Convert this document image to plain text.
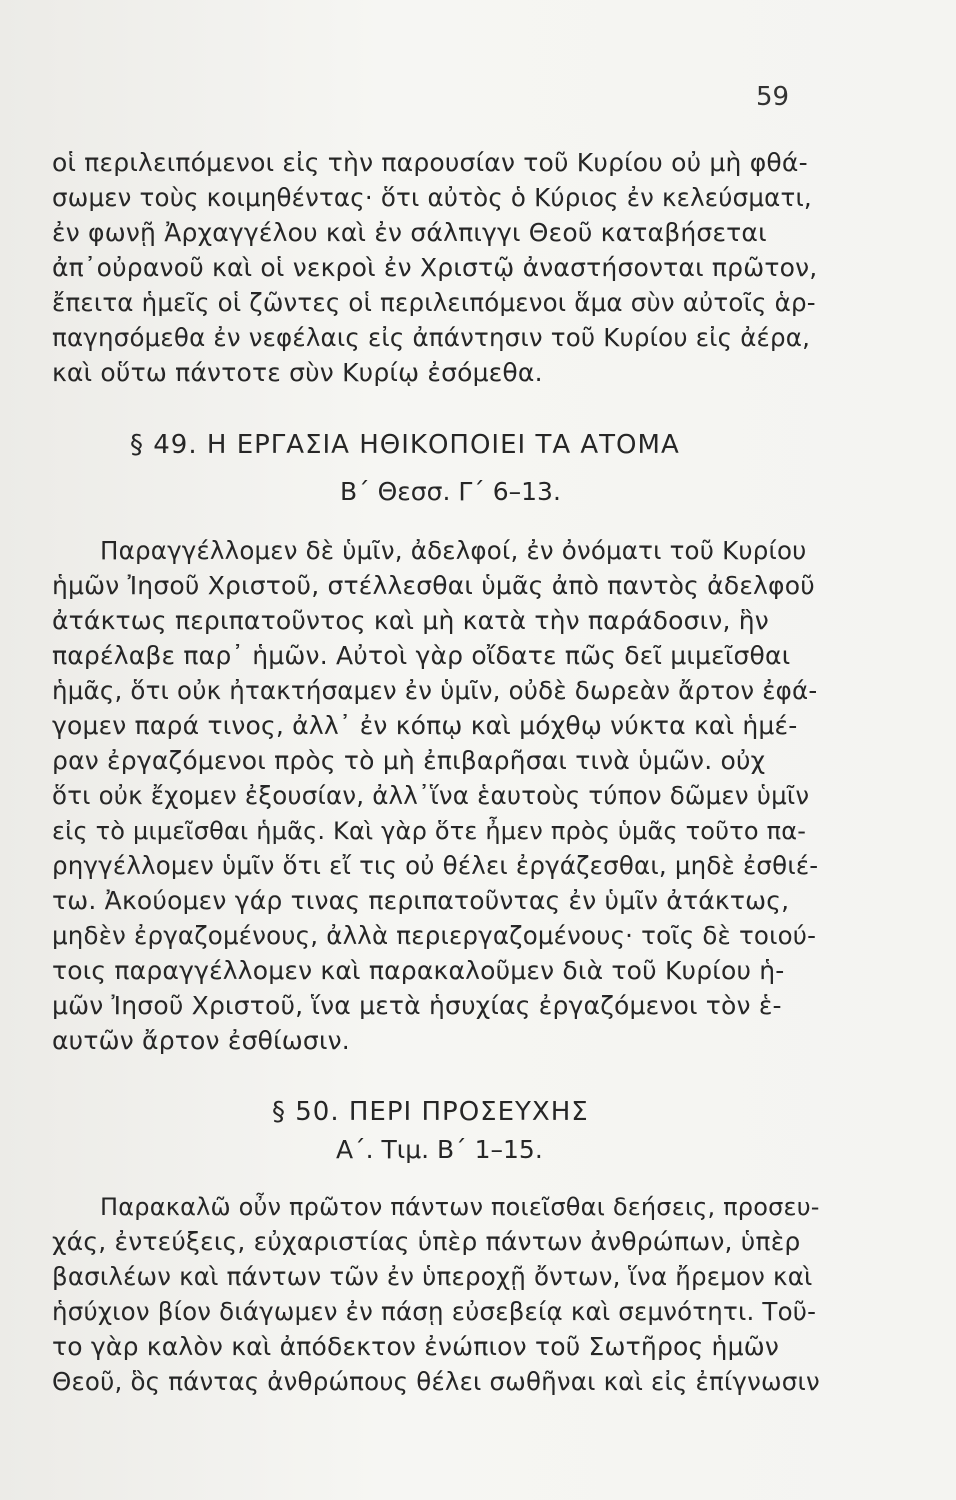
59
οἱ περιλειπόμενοι εἰς τὴν παρουσίαν τοῦ Κυρίου οὐ μὴ φθά-
σωμεν τοὺς κοιμηθέντας· ὅτι αὐτὸς ὁ Κύριος ἐν κελεύσματι,
ἐν φωνῇ Ἀρχαγγέλου καὶ ἐν σάλπιγγι Θεοῦ καταβήσεται
ἀπ᾿οὐρανοῦ καὶ οἱ νεκροὶ ἐν Χριστῷ ἀναστήσονται πρῶτον,
ἔπειτα ἡμεῖς οἱ ζῶντες οἱ περιλειπόμενοι ἅμα σὺν αὐτοῖς ἁρ-
παγησόμεθα ἐν νεφέλαις εἰς ἀπάντησιν τοῦ Κυρίου εἰς ἀέρα,
καὶ οὕτω πάντοτε σὺν Κυρίῳ ἐσόμεθα.
§ 49. Η ΕΡΓΑΣΙΑ ΗΘΙΚΟΠΟΙΕΙ ΤΑ ΑΤΟΜΑ
Β΄ Θεσσ. Γ΄ 6–13.
Παραγγέλλομεν δὲ ὑμῖν, ἀδελφοί, ἐν ὀνόματι τοῦ Κυρίου
ἡμῶν Ἰησοῦ Χριστοῦ, στέλλεσθαι ὑμᾶς ἀπὸ παντὸς ἀδελφοῦ
ἀτάκτως περιπατοῦντος καὶ μὴ κατὰ τὴν παράδοσιν, ἣν
παρέλαβε παρ᾿ ἡμῶν. Αὐτοὶ γὰρ οἴδατε πῶς δεῖ μιμεῖσθαι
ἡμᾶς, ὅτι οὐκ ἠτακτήσαμεν ἐν ὑμῖν, οὐδὲ δωρεὰν ἄρτον ἐφά-
γομεν παρά τινος, ἀλλ᾿ ἐν κόπῳ καὶ μόχθῳ νύκτα καὶ ἡμέ-
ραν ἐργαζόμενοι πρὸς τὸ μὴ ἐπιβαρῆσαι τινὰ ὑμῶν. οὐχ
ὅτι οὐκ ἔχομεν ἐξουσίαν, ἀλλ᾿ἵνα ἑαυτοὺς τύπον δῶμεν ὑμῖν
εἰς τὸ μιμεῖσθαι ἡμᾶς. Καὶ γὰρ ὅτε ἦμεν πρὸς ὑμᾶς τοῦτο πα-
ρηγγέλλομεν ὑμῖν ὅτι εἴ τις οὐ θέλει ἐργάζεσθαι, μηδὲ ἐσθιέ-
τω. Ἀκούομεν γάρ τινας περιπατοῦντας ἐν ὑμῖν ἀτάκτως,
μηδὲν ἐργαζομένους, ἀλλὰ περιεργαζομένους· τοῖς δὲ τοιού-
τοις παραγγέλλομεν καὶ παρακαλοῦμεν διὰ τοῦ Κυρίου ἡ-
μῶν Ἰησοῦ Χριστοῦ, ἵνα μετὰ ἡσυχίας ἐργαζόμενοι τὸν ἑ-
αυτῶν ἄρτον ἐσθίωσιν.
§ 50. ΠΕΡΙ ΠΡΟΣΕΥΧΗΣ
Α΄. Τιμ. Β΄ 1–15.
Παρακαλῶ οὖν πρῶτον πάντων ποιεῖσθαι δεήσεις, προσευ-
χάς, ἐντεύξεις, εὐχαριστίας ὑπὲρ πάντων ἀνθρώπων, ὑπὲρ
βασιλέων καὶ πάντων τῶν ἐν ὑπεροχῇ ὄντων, ἵνα ἤρεμον καὶ
ἡσύχιον βίον διάγωμεν ἐν πάσῃ εὐσεβείᾳ καὶ σεμνότητι. Τοῦ-
το γὰρ καλὸν καὶ ἀπόδεκτον ἐνώπιον τοῦ Σωτῆρος ἡμῶν
Θεοῦ, ὃς πάντας ἀνθρώπους θέλει σωθῆναι καὶ εἰς ἐπίγνωσιν
